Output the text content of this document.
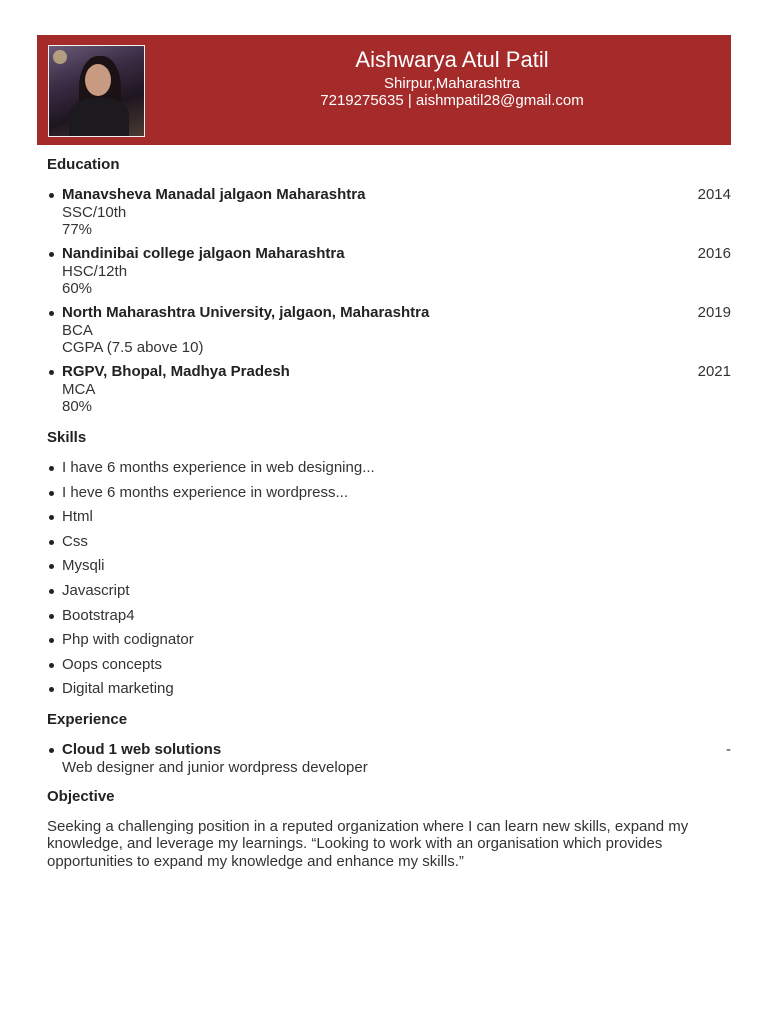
Aishwarya Atul Patil
Shirpur,Maharashtra
7219275635 | aishmpatil28@gmail.com
Education
Manavsheva Manadal jalgaon Maharashtra
SSC/10th
77%
2014
Nandinibai college jalgaon Maharashtra
HSC/12th
60%
2016
North Maharashtra University, jalgaon, Maharashtra
BCA
CGPA (7.5 above 10)
2019
RGPV, Bhopal, Madhya Pradesh
MCA
80%
2021
Skills
I have 6 months experience in web designing...
I heve 6 months experience in wordpress...
Html
Css
Mysqli
Javascript
Bootstrap4
Php with codignator
Oops concepts
Digital marketing
Experience
Cloud 1 web solutions
Web designer and junior wordpress developer
-
Objective
Seeking a challenging position in a reputed organization where I can learn new skills, expand my knowledge, and leverage my learnings. “Looking to work with an organisation which provides opportunities to expand my knowledge and enhance my skills.”
